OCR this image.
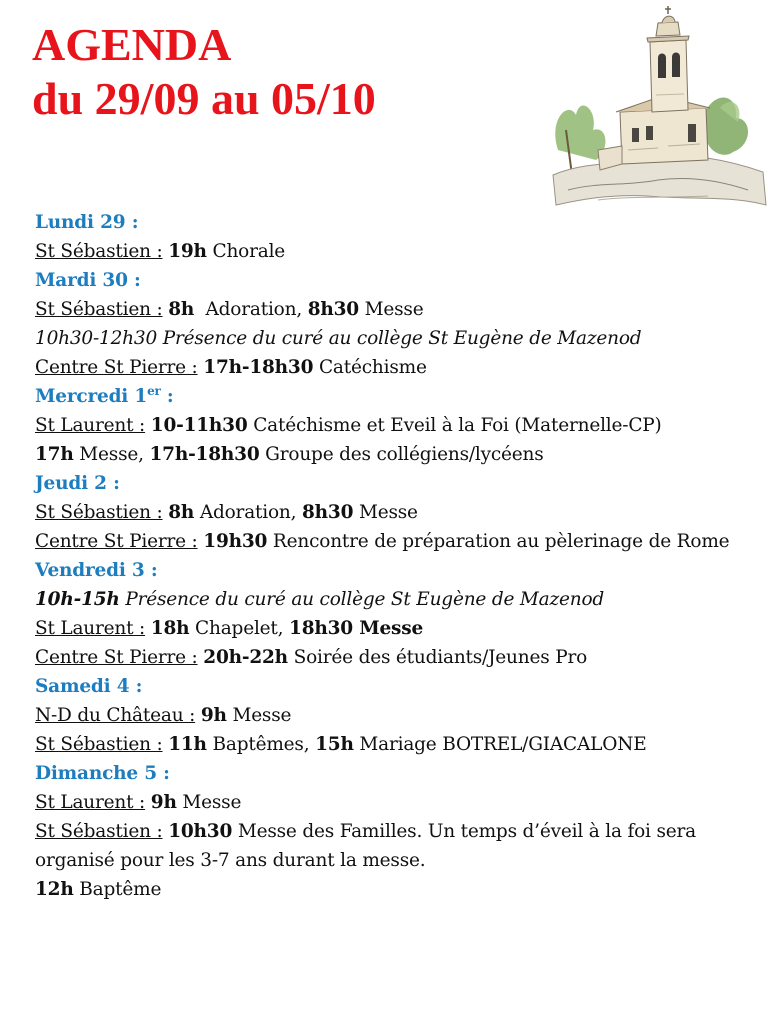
AGENDA
du 29/09 au 05/10
Lundi 29 :
St Sébastien : 19h Chorale
Mardi 30 :
St Sébastien : 8h  Adoration, 8h30 Messe
10h30-12h30 Présence du curé au collège St Eugène de Mazenod
Centre St Pierre : 17h-18h30 Catéchisme
Mercredi 1er :
St Laurent : 10-11h30 Catéchisme et Eveil à la Foi (Maternelle-CP)
17h Messe, 17h-18h30 Groupe des collégiens/lycéens
Jeudi 2 :
St Sébastien : 8h Adoration, 8h30 Messe
Centre St Pierre : 19h30 Rencontre de préparation au pèlerinage de Rome
Vendredi 3 :
10h-15h Présence du curé au collège St Eugène de Mazenod
St Laurent : 18h Chapelet, 18h30 Messe
Centre St Pierre : 20h-22h Soirée des étudiants/Jeunes Pro
Samedi 4 :
N-D du Château : 9h Messe
St Sébastien : 11h Baptêmes, 15h Mariage BOTREL/GIACALONE
Dimanche 5 :
St Laurent : 9h Messe
St Sébastien : 10h30 Messe des Familles. Un temps d’éveil à la foi sera organisé pour les 3-7 ans durant la messe.
12h Baptême
